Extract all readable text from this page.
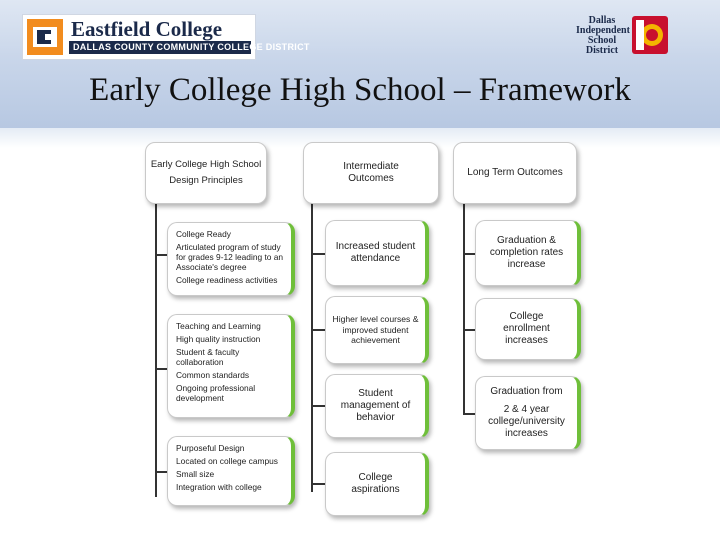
Eastfield College
DALLAS COUNTY COMMUNITY COLLEGE DISTRICT
Dallas
Independent
School
District
Early College High School – Framework
Early College High School
Design Principles
Intermediate Outcomes
Long Term Outcomes

College Ready

Articulated program of study for grades 9-12 leading to an Associate's degree

College readiness activities

Teaching and Learning

High quality instruction

Student & faculty collaboration

Common standards

Ongoing professional development

Purposeful Design

Located on college campus

Small size

Integration with college

Increased student attendance
Higher level courses & improved student achievement
Student management of behavior
College aspirations
Graduation & completion rates increase
College enrollment increases
Graduation from
2 & 4 year college/university increases
